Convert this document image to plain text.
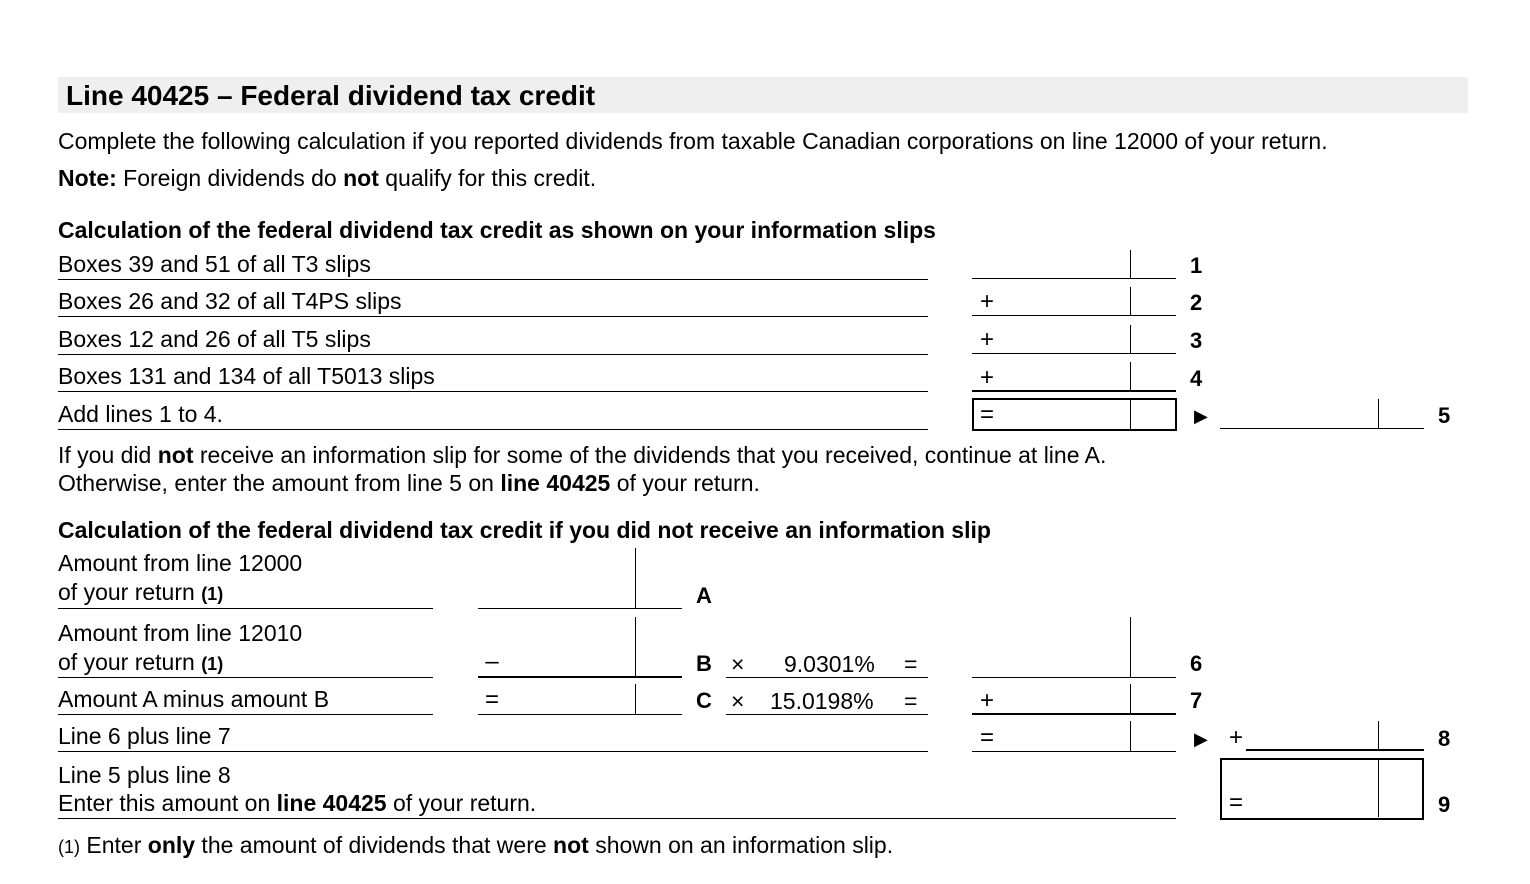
Line 40425 – Federal dividend tax credit
Complete the following calculation if you reported dividends from taxable Canadian corporations on line 12000 of your return.
Note: Foreign dividends do not qualify for this credit.
Calculation of the federal dividend tax credit as shown on your information slips
Boxes 39 and 51 of all T3 slips	1
Boxes 26 and 32 of all T4PS slips	+	2
Boxes 12 and 26 of all T5 slips	+	3
Boxes 131 and 134 of all T5013 slips	+	4
Add lines 1 to 4.	=	▶	5
If you did not receive an information slip for some of the dividends that you received, continue at line A.
Otherwise, enter the amount from line 5 on line 40425 of your return.
Calculation of the federal dividend tax credit if you did not receive an information slip
Amount from line 12000
of your return (1)	A
Amount from line 12010
of your return (1)	–	B × 9.0301% =	6
Amount A minus amount B	=	C × 15.0198% =	+	7
Line 6 plus line 7	=	▶ +	8
Line 5 plus line 8
Enter this amount on line 40425 of your return.	=	9
(1) Enter only the amount of dividends that were not shown on an information slip.
